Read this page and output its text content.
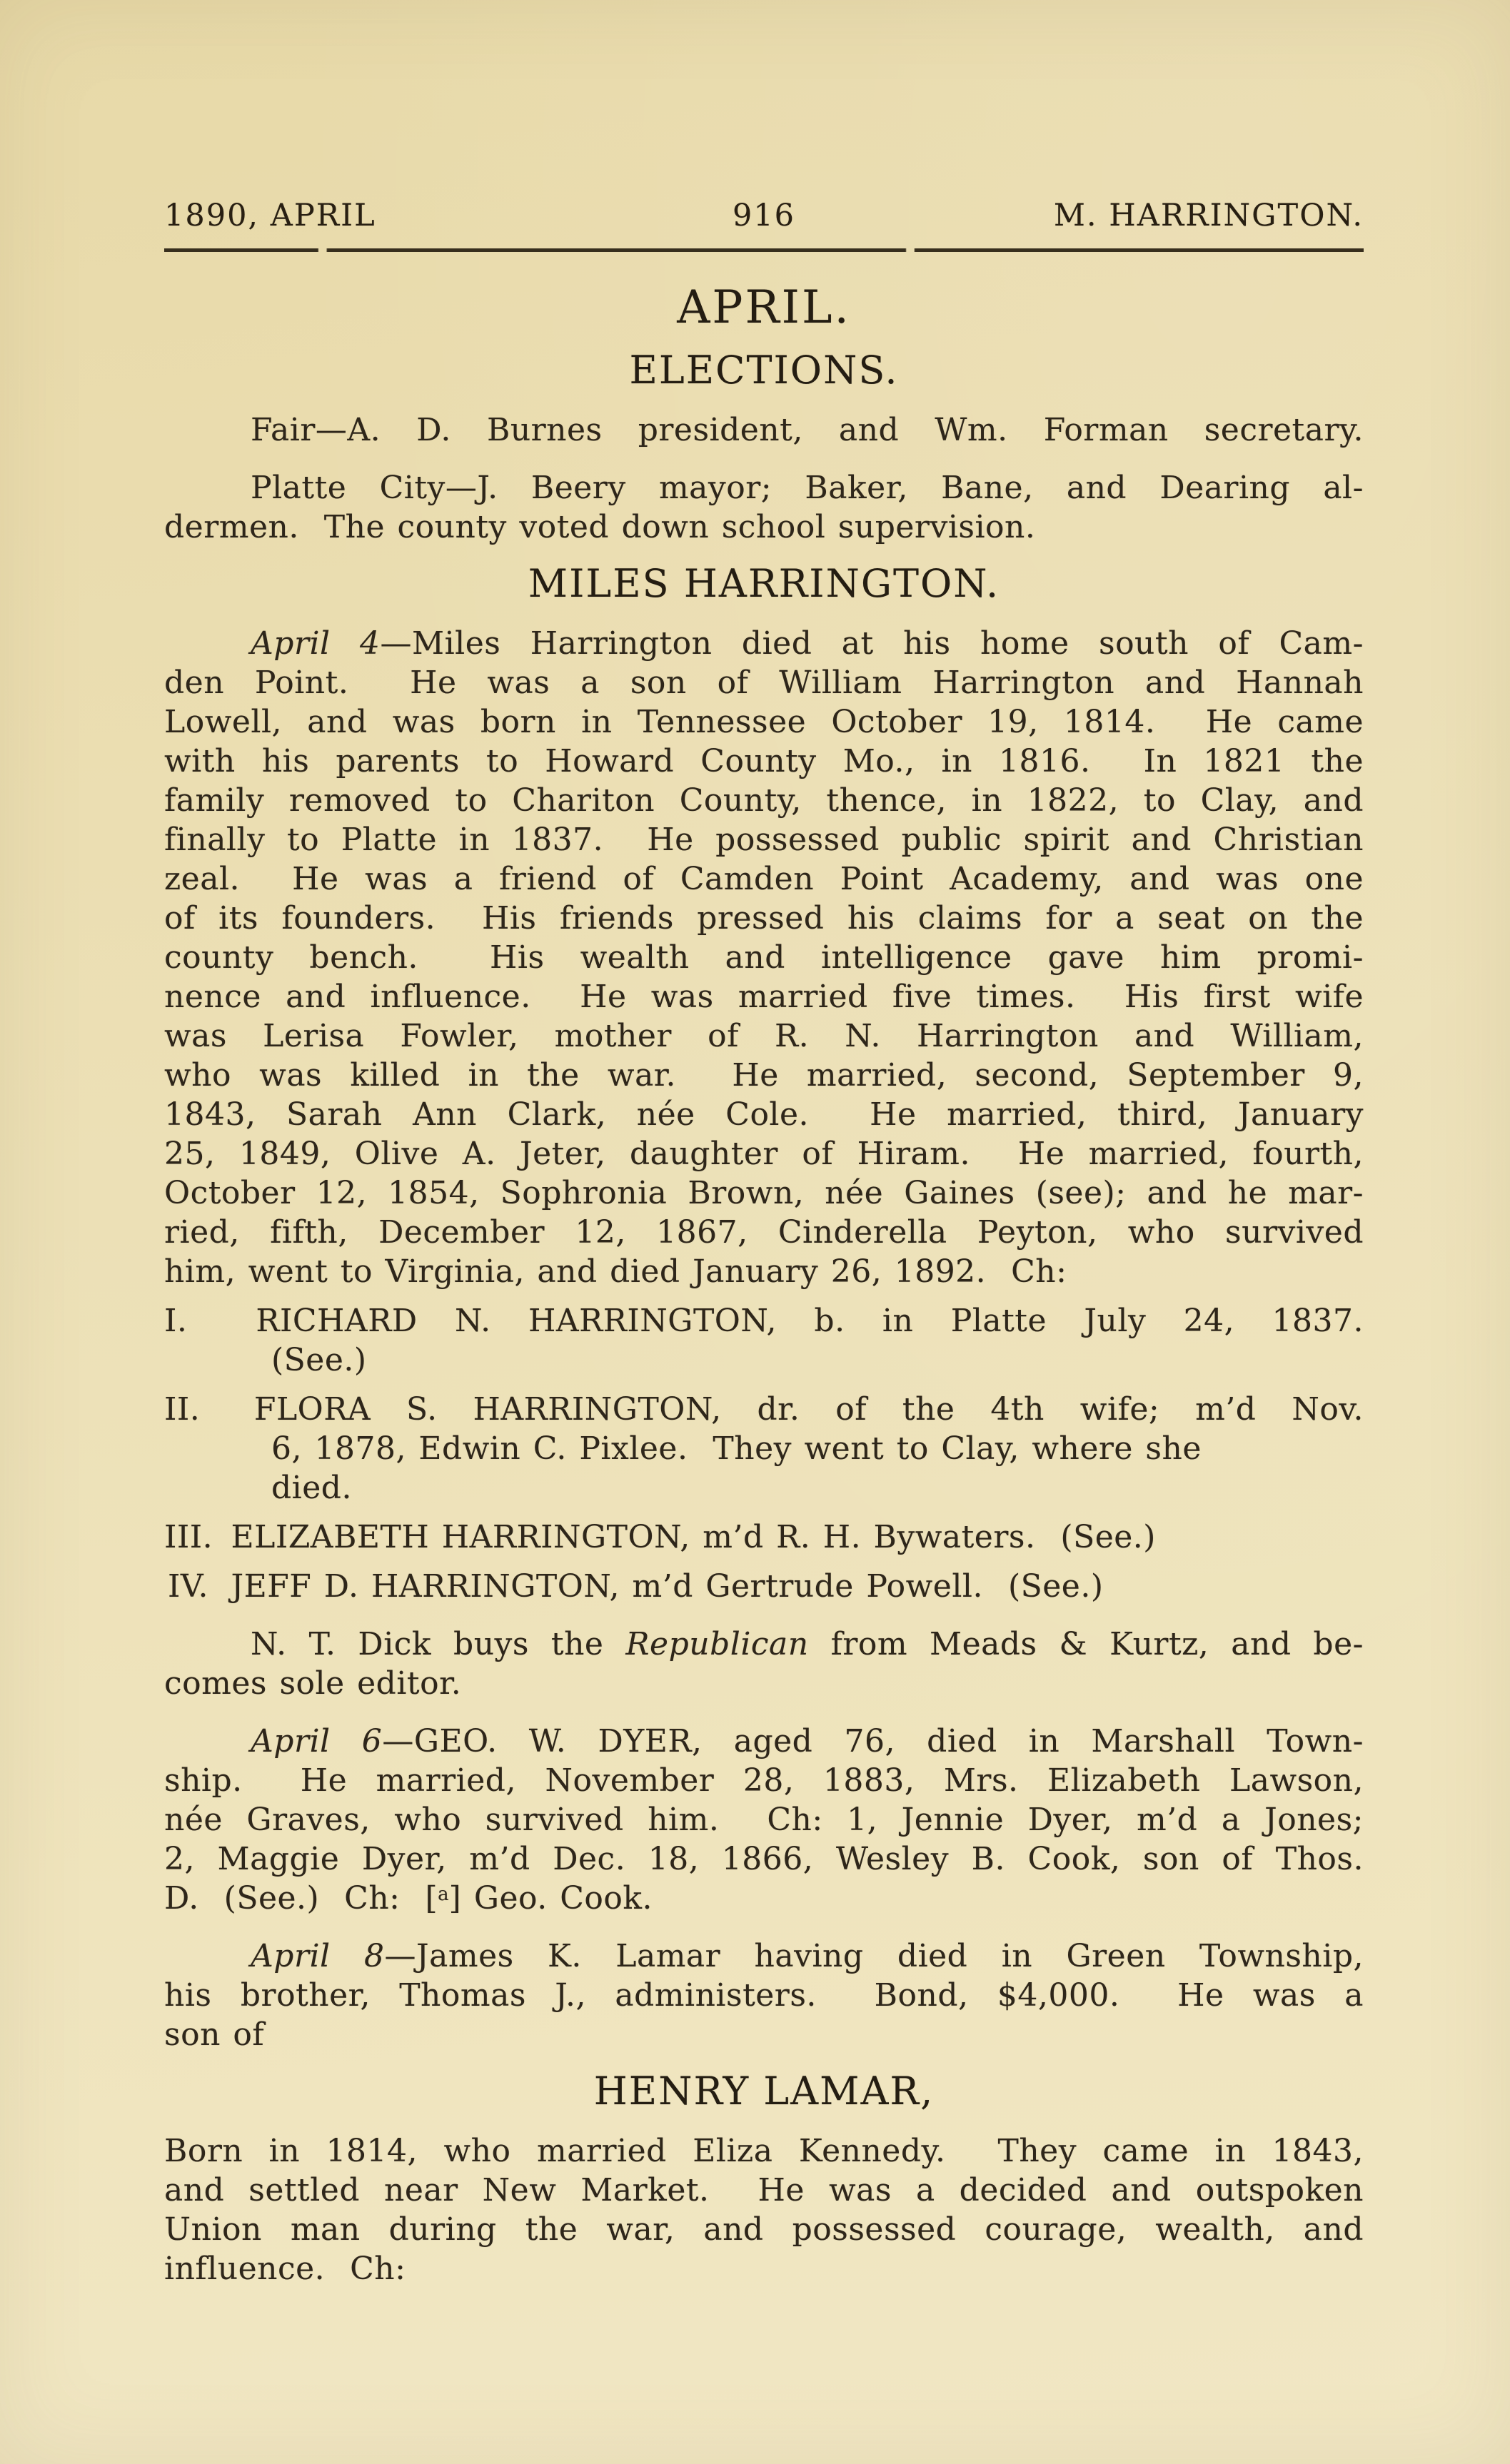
1890, APRIL	916	M. HARRINGTON.
APRIL.
ELECTIONS.
Fair—A. D. Burnes president, and Wm. Forman secretary.
Platte City—J. Beery mayor; Baker, Bane, and Dearing al-
dermen.  The county voted down school supervision.
MILES HARRINGTON.
April 4—Miles Harrington died at his home south of Cam-
den Point.  He was a son of William Harrington and Hannah
Lowell, and was born in Tennessee October 19, 1814.  He came
with his parents to Howard County Mo., in 1816.  In 1821 the
family removed to Chariton County, thence, in 1822, to Clay, and
finally to Platte in 1837.  He possessed public spirit and Christian
zeal.  He was a friend of Camden Point Academy, and was one
of its founders.  His friends pressed his claims for a seat on the
county bench.  His wealth and intelligence gave him promi-
nence and influence.  He was married five times.  His first wife
was Lerisa Fowler, mother of R. N. Harrington and William,
who was killed in the war.  He married, second, September 9,
1843, Sarah Ann Clark, née Cole.  He married, third, January
25, 1849, Olive A. Jeter, daughter of Hiram.  He married, fourth,
October 12, 1854, Sophronia Brown, née Gaines (see); and he mar-
ried, fifth, December 12, 1867, Cinderella Peyton, who survived
him, went to Virginia, and died January 26, 1892.  Ch:
I. RICHARD N. HARRINGTON, b. in Platte July 24, 1837.
(See.)
II. FLORA S. HARRINGTON, dr. of the 4th wife; m’d Nov.
6, 1878, Edwin C. Pixlee.  They went to Clay, where she
died.
III. ELIZABETH HARRINGTON, m’d R. H. Bywaters.  (See.)
IV. JEFF D. HARRINGTON, m’d Gertrude Powell.  (See.)
N. T. Dick buys the Republican from Meads & Kurtz, and be-
comes sole editor.
April 6—GEO. W. DYER, aged 76, died in Marshall Town-
ship.  He married, November 28, 1883, Mrs. Elizabeth Lawson,
née Graves, who survived him.  Ch: 1, Jennie Dyer, m’d a Jones;
2, Maggie Dyer, m’d Dec. 18, 1866, Wesley B. Cook, son of Thos.
D.  (See.)  Ch:  [$^a$] Geo. Cook.
April 8—James K. Lamar having died in Green Township,
his brother, Thomas J., administers.  Bond, $4,000.  He was a
son of
HENRY LAMAR,
Born in 1814, who married Eliza Kennedy.  They came in 1843,
and settled near New Market.  He was a decided and outspoken
Union man during the war, and possessed courage, wealth, and
influence.  Ch:
